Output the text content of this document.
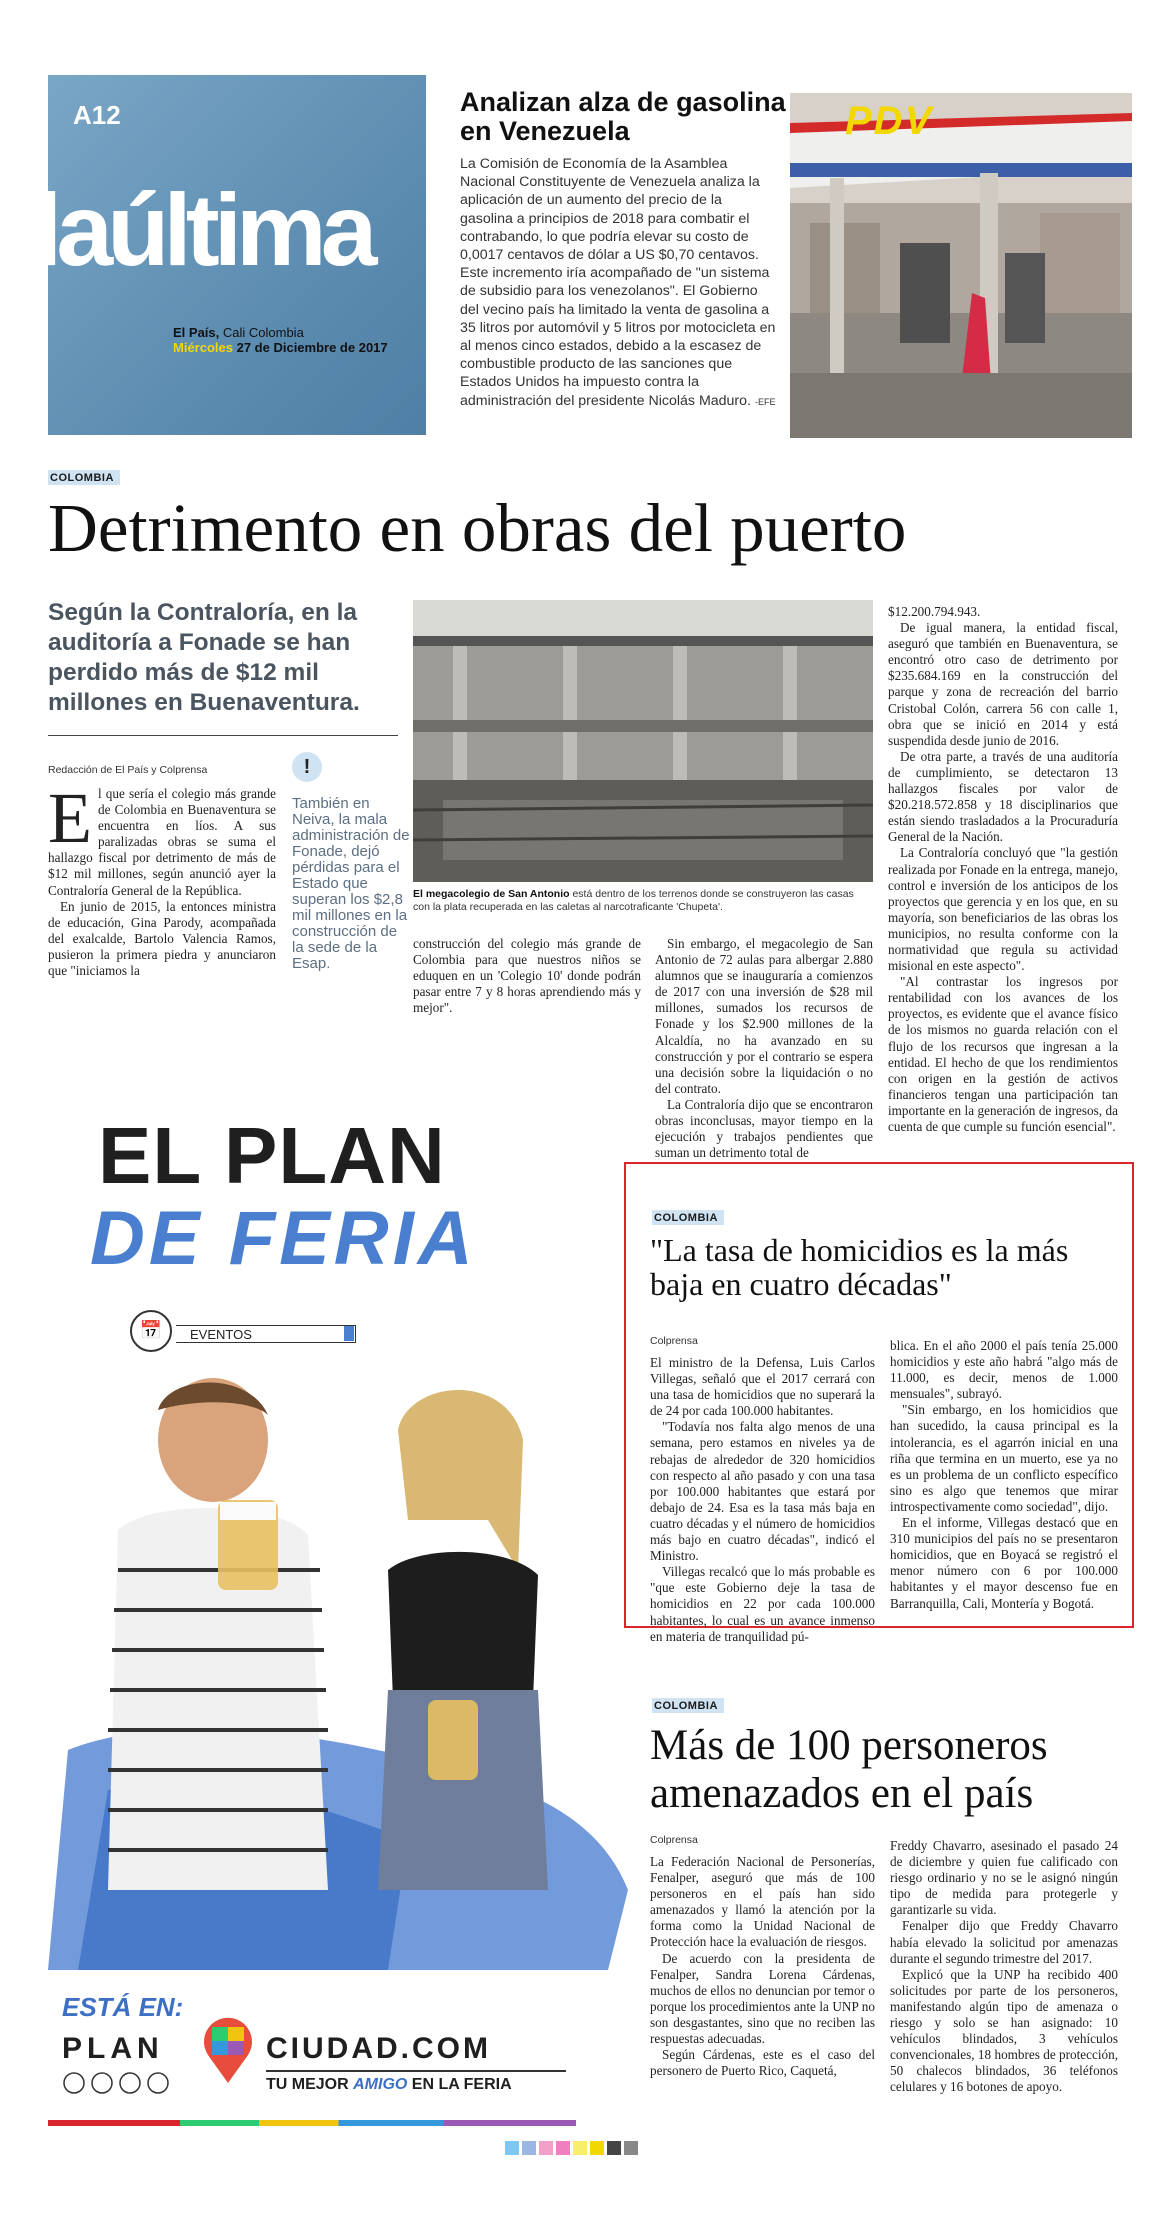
A12
laúltima
El País, Cali Colombia
Miércoles 27 de Diciembre de 2017
Analizan alza de gasolina en Venezuela
La Comisión de Economía de la Asamblea Nacional Constituyente de Venezuela analiza la aplicación de un aumento del precio de la gasolina a principios de 2018 para combatir el contrabando, lo que podría elevar su costo de 0,0017 centavos de dólar a US $0,70 centavos. Este incremento iría acompañado de "un sistema de subsidio para los venezolanos". El Gobierno del vecino país ha limitado la venta de gasolina a 35 litros por automóvil y 5 litros por motocicleta en al menos cinco estados, debido a la escasez de combustible producto de las sanciones que Estados Unidos ha impuesto contra la administración del presidente Nicolás Maduro. -EFE
PDV
EFE / EL PAÍS
COLOMBIA
Detrimento en obras del puerto
Según la Contraloría, en la auditoría a Fonade se han perdido más de $12 mil millones en Buenaventura.
Redacción de El País y Colprensa

El que sería el colegio más grande de Colombia en Buenaventura se encuentra en líos. A sus paralizadas obras se suma el hallazgo fiscal por detrimento de más de $12 mil millones, según anunció ayer la Contraloría General de la República.

En junio de 2015, la entonces ministra de educación, Gina Parody, acompañada del exalcalde, Bartolo Valencia Ramos, pusieron la primera piedra y anunciaron que "iniciamos la

!
También en Neiva, la mala administración de Fonade, dejó pérdidas para el Estado que superan los $2,8 mil millones en la construcción de la sede de la Esap.
FOTO: HENRY RAMÍREZ / EL PAÍS
El megacolegio de San Antonio está dentro de los terrenos donde se construyeron las casas con la plata recuperada en las caletas al narcotraficante 'Chupeta'.

construcción del colegio más grande de Colombia para que nuestros niños se eduquen en un 'Colegio 10' donde podrán pasar entre 7 y 8 horas aprendiendo más y mejor".

Sin embargo, el megacolegio de San Antonio de 72 aulas para albergar 2.880 alumnos que se inauguraría a comienzos de 2017 con una inversión de $28 mil millones, sumados los recursos de Fonade y los $2.900 millones de la Alcaldía, no ha avanzado en su construcción y por el contrario se espera una decisión sobre la liquidación o no del contrato.

La Contraloría dijo que se encontraron obras inconclusas, mayor tiempo en la ejecución y trabajos pendientes que suman un detrimento total de

$12.200.794.943.

De igual manera, la entidad fiscal, aseguró que también en Buenaventura, se encontró otro caso de detrimento por $235.684.169 en la construcción del parque y zona de recreación del barrio Cristobal Colón, carrera 56 con calle 1, obra que se inició en 2014 y está suspendida desde junio de 2016.

De otra parte, a través de una auditoría de cumplimiento, se detectaron 13 hallazgos fiscales por valor de $20.218.572.858 y 18 disciplinarios que están siendo trasladados a la Procuraduría General de la Nación.

La Contraloría concluyó que "la gestión realizada por Fonade en la entrega, manejo, control e inversión de los anticipos de los proyectos que gerencia y en los que, en su mayoría, son beneficiarios de las obras los municipios, no resulta conforme con la normatividad que regula su actividad misional en este aspecto".

"Al contrastar los ingresos por rentabilidad con los avances de los proyectos, es evidente que el avance físico de los mismos no guarda relación con el flujo de los recursos que ingresan a la entidad. El hecho de que los rendimientos con origen en la gestión de activos financieros tengan una participación tan importante en la generación de ingresos, da cuenta de que cumple su función esencial".

EL PLAN
DE FERIA
📅	EVENTOS
ESTÁ EN:
PLAN	CIUDAD.COM
TU MEJOR AMIGO EN LA FERIA
COLOMBIA
"La tasa de homicidios es la más baja en cuatro décadas"
Colprensa

El ministro de la Defensa, Luis Carlos Villegas, señaló que el 2017 cerrará con una tasa de homicidios que no superará la de 24 por cada 100.000 habitantes.

"Todavía nos falta algo menos de una semana, pero estamos en niveles ya de rebajas de alrededor de 320 homicidios con respecto al año pasado y con una tasa por 100.000 habitantes que estará por debajo de 24. Esa es la tasa más baja en cuatro décadas y el número de homicidios más bajo en cuatro décadas", indicó el Ministro.

Villegas recalcó que lo más probable es "que este Gobierno deje la tasa de homicidios en 22 por cada 100.000 habitantes, lo cual es un avance inmenso en materia de tranquilidad pú-

blica. En el año 2000 el país tenía 25.000 homicidios y este año habrá "algo más de 11.000, es decir, menos de 1.000 mensuales", subrayó.

"Sin embargo, en los homicidios que han sucedido, la causa principal es la intolerancia, es el agarrón inicial en una riña que termina en un muerto, ese ya no es un problema de un conflicto específico sino es algo que tenemos que mirar introspectivamente como sociedad", dijo.

En el informe, Villegas destacó que en 310 municipios del país no se presentaron homicidios, que en Boyacá se registró el menor número con 6 por 100.000 habitantes y el mayor descenso fue en Barranquilla, Cali, Montería y Bogotá.

COLOMBIA
Más de 100 personeros amenazados en el país
Colprensa

La Federación Nacional de Personerías, Fenalper, aseguró que más de 100 personeros en el país han sido amenazados y llamó la atención por la forma como la Unidad Nacional de Protección hace la evaluación de riesgos.

De acuerdo con la presidenta de Fenalper, Sandra Lorena Cárdenas, muchos de ellos no denuncian por temor o porque los procedimientos ante la UNP no son desgastantes, sino que no reciben las respuestas adecuadas.

Según Cárdenas, este es el caso del personero de Puerto Rico, Caquetá,

Freddy Chavarro, asesinado el pasado 24 de diciembre y quien fue calificado con riesgo ordinario y no se le asignó ningún tipo de medida para protegerle y garantizarle su vida.

Fenalper dijo que Freddy Chavarro había elevado la solicitud por amenazas durante el segundo trimestre del 2017.

Explicó que la UNP ha recibido 400 solicitudes por parte de los personeros, manifestando algún tipo de amenaza o riesgo y solo se han asignado: 10 vehículos blindados, 3 vehículos convencionales, 18 hombres de protección, 50 chalecos blindados, 36 teléfonos celulares y 16 botones de apoyo.
